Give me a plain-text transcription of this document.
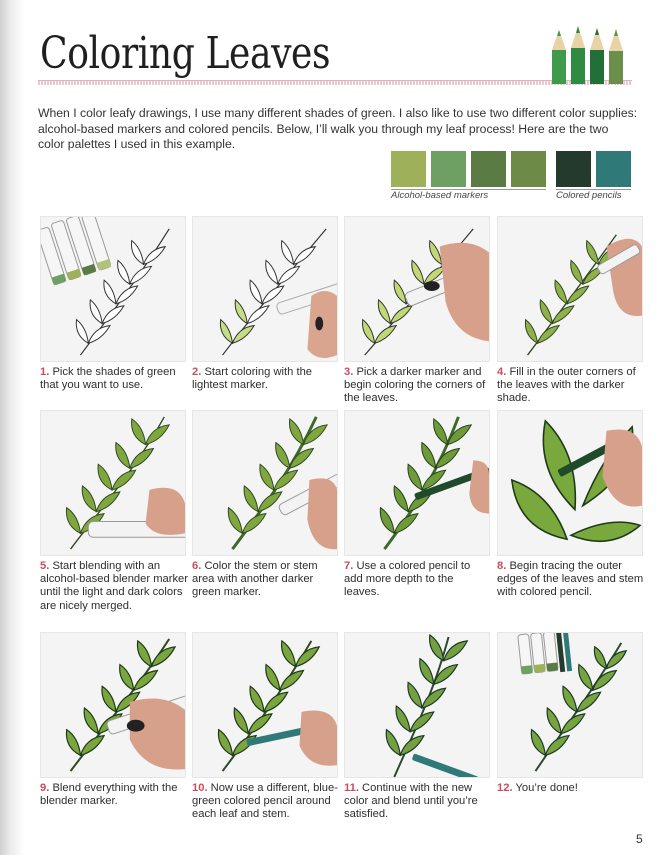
Coloring Leaves
When I color leafy drawings, I use many different shades of green. I also like to use two different color supplies: alcohol-based markers and colored pencils. Below, I’ll walk you through my leaf process! Here are the two color palettes I used in this example.
Alcohol-based markers	Colored pencils
1. Pick the shades of green that you want to use.
2. Start coloring with the lightest marker.
3. Pick a darker marker and begin coloring the corners of the leaves.
4. Fill in the outer corners of the leaves with the darker shade.
5. Start blending with an alcohol-based blender marker until the light and dark colors are nicely merged.
6. Color the stem or stem area with another darker green marker.
7. Use a colored pencil to add more depth to the leaves.
8. Begin tracing the outer edges of the leaves and stem with colored pencil.
9. Blend everything with the blender marker.
10. Now use a different, blue-green colored pencil around each leaf and stem.
11. Continue with the new color and blend until you’re satisfied.
12. You’re done!
5
